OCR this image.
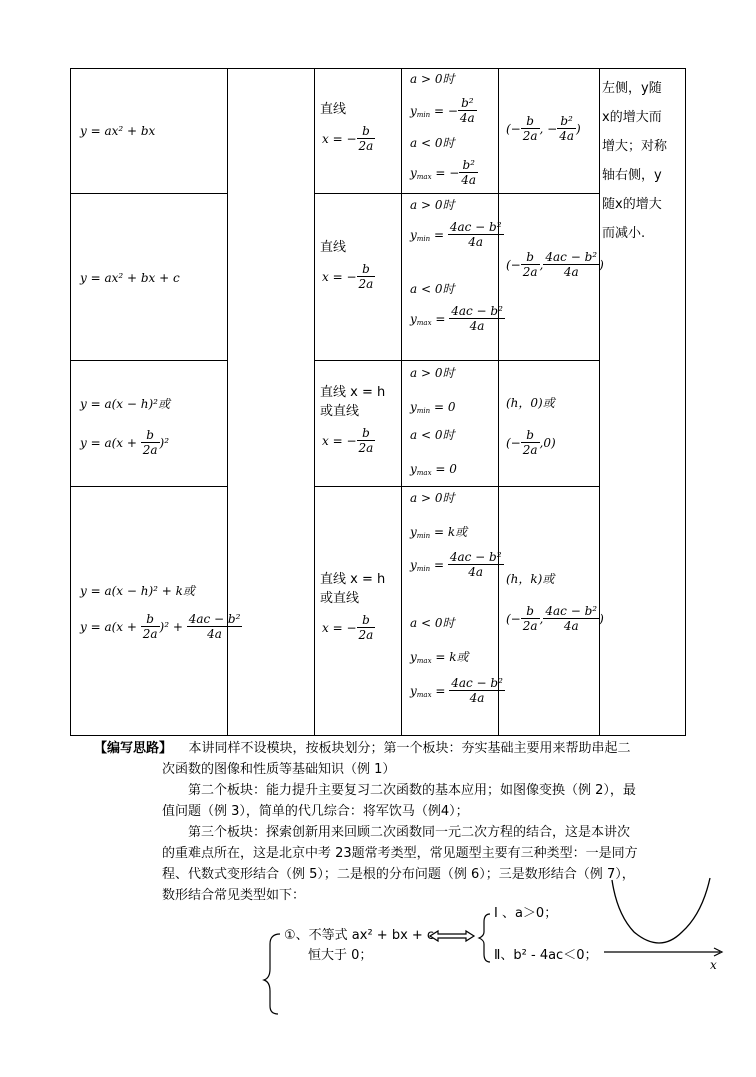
左侧，y随
x的增大而
增大；对称
轴右侧，y
随x的增大
而减小.
y = ax² + bx
直线
x = − $\frac{b}{2a}$
a > 0时
$y_{min}$ = − $\frac{\text{b²}}{4a}$
a < 0时
$y_{max}$ = − $\frac{\text{b²}}{4a}$
(− $\frac{b}{2a}$ , − $\frac{\text{b²}}{4a}$ )
y = ax² + bx + c
直线
x = − $\frac{b}{2a}$
a > 0时
$y_{min} = \frac{\text{4ac − b²}}{4a}$
a < 0时
$y_{max} = \frac{\text{4ac − b²}}{4a}$
(− $\frac{b}{2a}$ , $\frac{\text{4ac − b²}}{4a}$ )
y = a(x − h)²或
$y = a(x + \frac{b}{2a} )^2$
直线 x = h
或直线
x = − $\frac{b}{2a}$
a > 0时
$y_{min} = 0$
a < 0时
$y_{max} = 0$
(h，0)或
(− $\frac{b}{2a} ,0$)
y = a(x − h)² + k或
$y = a(x + \frac{b}{2a} )^2 + \frac{\text{4ac − b²}}{4a}$
直线 x = h
或直线
x = − $\frac{b}{2a}$
a > 0时
$y_{min} = k$或
$y_{min} = \frac{\text{4ac − b²}}{4a}$
a < 0时
$y_{max} = k$或
$y_{max} = \frac{\text{4ac − b²}}{4a}$
(h，k)或
(− $\frac{b}{2a}$ , $\frac{\text{4ac − b²}}{4a}$ )
【编写思路】 本讲同样不设模块，按板块划分；第一个板块：夯实基础主要用来帮助串起二
次函数的图像和性质等基础知识（例 1）
第二个板块：能力提升主要复习二次函数的基本应用；如图像变换（例 2），最
值问题（例 3），简单的代几综合：将军饮马（例4）；
第三个板块：探索创新用来回顾二次函数同一元二次方程的结合，这是本讲次
的重难点所在，这是北京中考 23题常考类型，常见题型主要有三种类型：一是同方
程、代数式变形结合（例 5）；二是根的分布问题（例 6）；三是数形结合（例 7），
数形结合常见类型如下：
x
①、不等式 ax² + bx + c
恒大于 0；
Ⅰ 、a＞0；
Ⅱ、b² - 4ac＜0；
